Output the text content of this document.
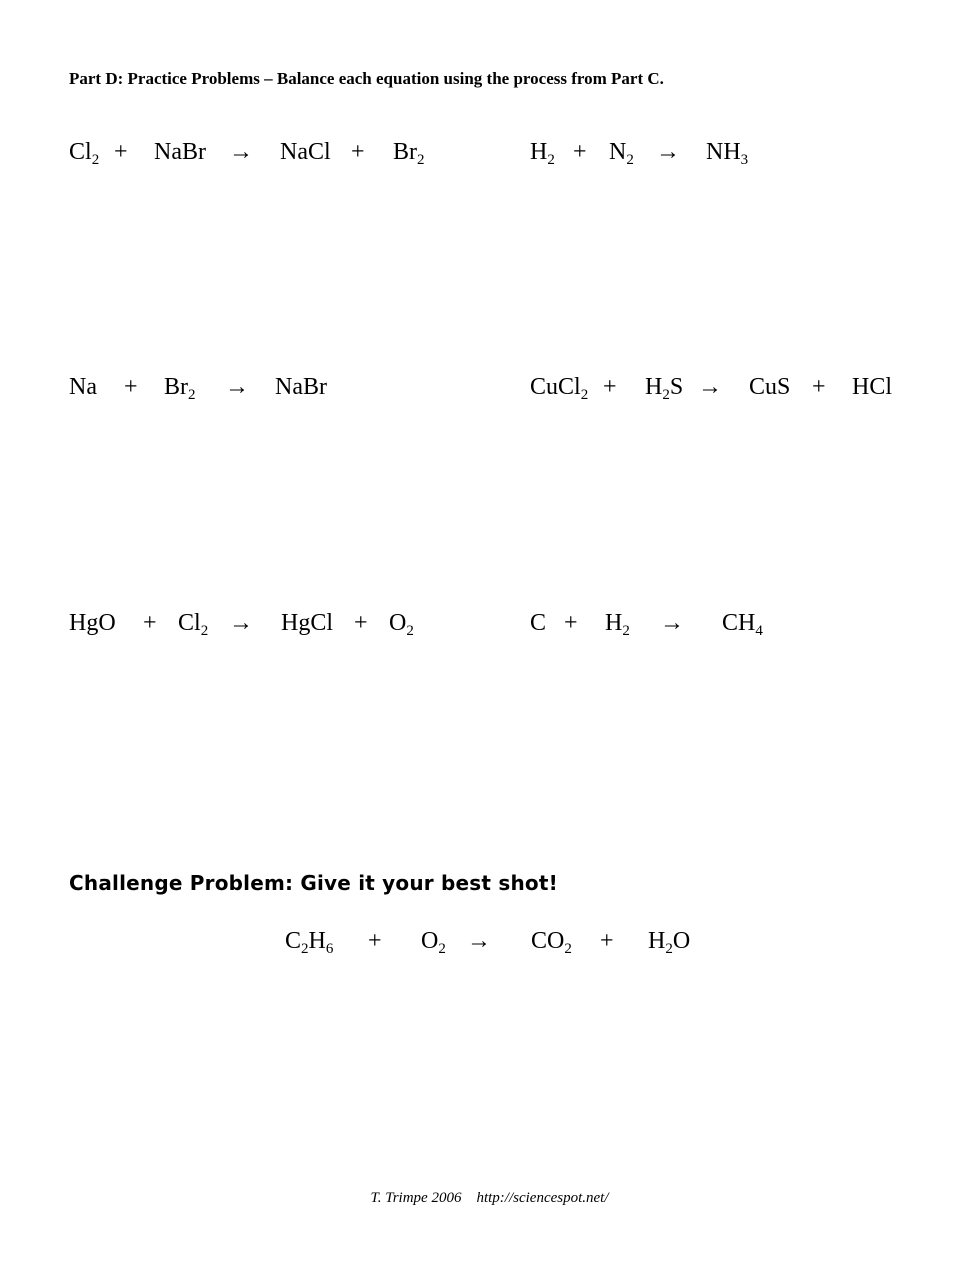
Part D: Practice Problems – Balance each equation using the process from Part C.
$Cl_2$ + NaBr → NaCl + $Br_2$	$H_2 + N_2 \to NH_3$
$Na + Br_2$ → NaBr	CuCl$_2$ + $H_2S$ → CuS + HCl
HgO + $Cl_2$ → HgCl + $O_2$	$C + H_2 \to CH_4$
Challenge Problem: Give it your best shot!
$C_2H_6 + O_2 \to CO_2 + H_2O$
T. Trimpe 2006    http://sciencespot.net/
